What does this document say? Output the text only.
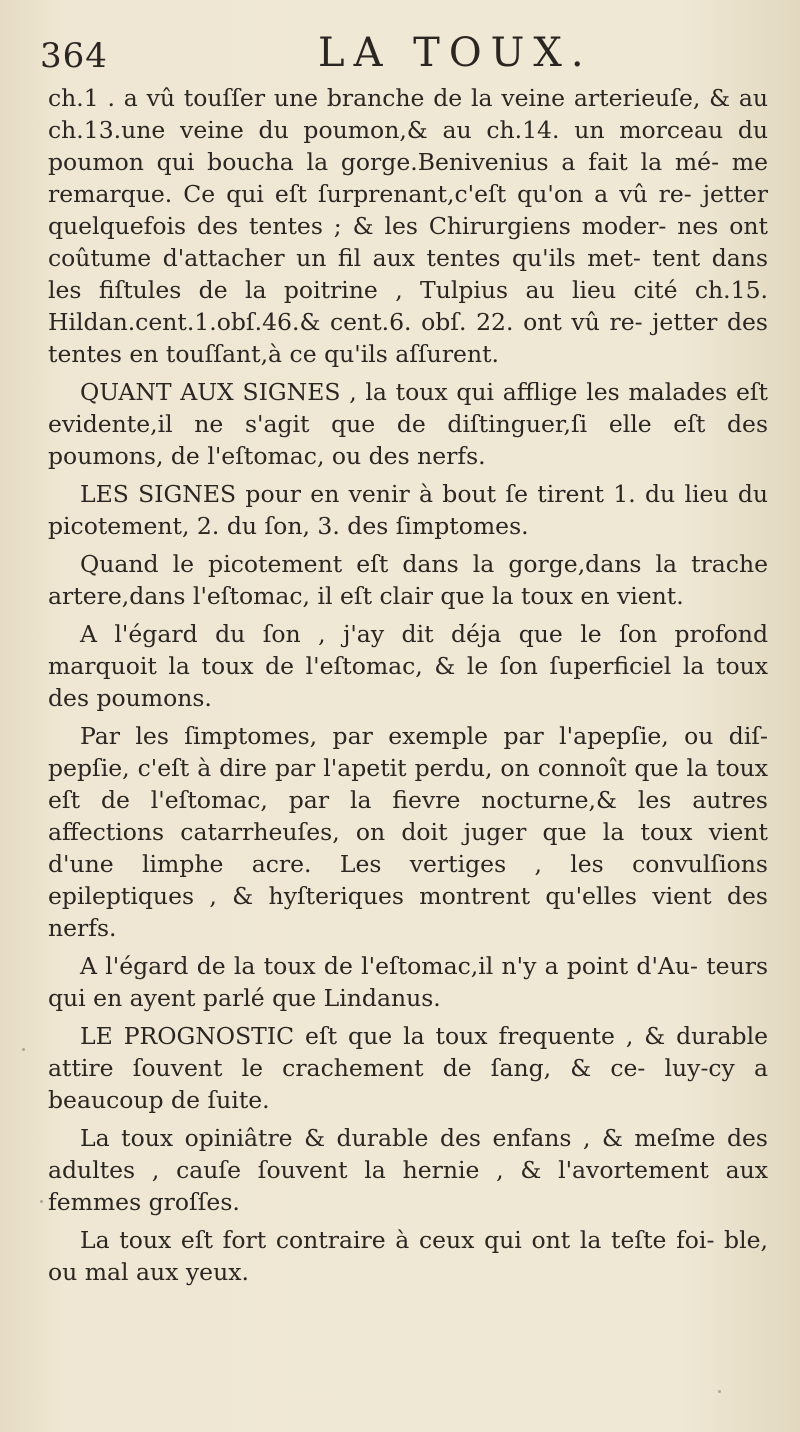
364	LA TOUX.

ch.1 . a vû touſſer une branche de la veine arterieuſe, & au ch.13.une veine du poumon,& au ch.14. un morceau du poumon qui boucha la gorge.Benivenius a fait la mé- me remarque. Ce qui eſt ſurprenant,c'eſt qu'on a vû re- jetter quelquefois des tentes ; & les Chirurgiens moder- nes ont coûtume d'attacher un fil aux tentes qu'ils met- tent dans les fiſtules de la poitrine , Tulpius au lieu cité ch.15. Hildan.cent.1.obſ.46.& cent.6. obſ. 22. ont vû re- jetter des tentes en touſſant,à ce qu'ils aſſurent.

QUANT AUX SIGNES , la toux qui afflige les malades eſt evidente,il ne s'agit que de diſtinguer,ſi elle eſt des poumons, de l'eſtomac, ou des nerfs.

LES SIGNES pour en venir à bout ſe tirent 1. du lieu du picotement, 2. du ſon, 3. des ſimptomes.

Quand le picotement eſt dans la gorge,dans la trache artere,dans l'eſtomac, il eſt clair que la toux en vient.

A l'égard du ſon , j'ay dit déja que le ſon profond marquoit la toux de l'eſtomac, & le ſon ſuperficiel la toux des poumons.

Par les ſimptomes, par exemple par l'apepſie, ou diſ- pepſie, c'eſt à dire par l'apetit perdu, on connoît que la toux eſt de l'eſtomac, par la fievre nocturne,& les autres affections catarrheuſes, on doit juger que la toux vient d'une limphe acre. Les vertiges , les convulſions epileptiques , & hyſteriques montrent qu'elles vient des nerfs.

A l'égard de la toux de l'eſtomac,il n'y a point d'Au- teurs qui en ayent parlé que Lindanus.

LE PROGNOSTIC eſt que la toux frequente , & durable attire ſouvent le crachement de ſang, & ce- luy-cy a beaucoup de ſuite.

La toux opiniâtre & durable des enfans , & meſme des adultes , cauſe ſouvent la hernie , & l'avortement aux femmes groſſes.

La toux eſt fort contraire à ceux qui ont la teſte foi- ble, ou mal aux yeux.
